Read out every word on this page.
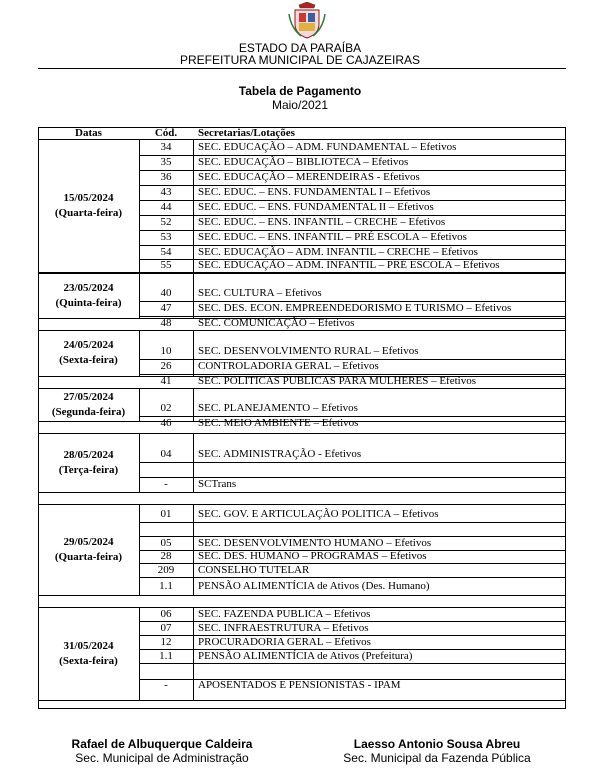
ESTADO DA PARAÍBA
PREFEITURA MUNICIPAL DE CAJAZEIRAS
Tabela de Pagamento
Maio/2021
Datas	Cód.	Secretarias/Lotações
15/05/2024
(Quarta-feira)
34	SEC. EDUCAÇÃO – ADM. FUNDAMENTAL – Efetivos
35	SEC. EDUCAÇÃO – BIBLIOTECA – Efetivos
36	SEC. EDUCAÇÃO – MERENDEIRAS - Efetivos
43	SEC. EDUC. – ENS. FUNDAMENTAL I – Efetivos
44	SEC. EDUC. – ENS. FUNDAMENTAL II – Efetivos
52	SEC. EDUC. – ENS. INFANTIL – CRECHE – Efetivos
53	SEC. EDUC. – ENS. INFANTIL – PRÉ ESCOLA – Efetivos
54	SEC. EDUCAÇÃO – ADM. INFANTIL – CRECHE – Efetivos
55	SEC. EDUCAÇÃO – ADM. INFANTIL – PRÉ ESCOLA – Efetivos
23/05/2024
(Quinta-feira)
40	SEC. CULTURA – Efetivos
47	SEC. DES. ECON. EMPREENDEDORISMO E TURISMO – Efetivos
48	SEC. COMUNICAÇÃO – Efetivos
24/05/2024
(Sexta-feira)
10	SEC. DESENVOLVIMENTO RURAL – Efetivos
26	CONTROLADORIA GERAL – Efetivos
41	SEC. POLITICAS PUBLICAS PARA MULHERES – Efetivos
27/05/2024
(Segunda-feira)	02	SEC. PLANEJAMENTO – Efetivos
46	SEC. MEIO AMBIENTE – Efetivos
28/05/2024
(Terça-feira)
04	SEC. ADMINISTRAÇÃO - Efetivos
-	SCTrans
29/05/2024
(Quarta-feira)
01	SEC. GOV. E ARTICULAÇÃO POLITICA – Efetivos
05	SEC. DESENVOLVIMENTO HUMANO – Efetivos
28	SEC. DES. HUMANO – PROGRAMAS – Efetivos
209	CONSELHO TUTELAR
1.1	PENSÃO ALIMENTÍCIA de Ativos (Des. Humano)
31/05/2024
(Sexta-feira)
06	SEC. FAZENDA PUBLICA – Efetivos
07	SEC. INFRAESTRUTURA – Efetivos
12	PROCURADORIA GERAL – Efetivos
1.1	PENSÃO ALIMENTÍCIA de Ativos (Prefeitura)
-	APOSENTADOS E PENSIONISTAS - IPAM
Rafael de Albuquerque Caldeira
Sec. Municipal de Administração
Laesso Antonio Sousa Abreu
Sec. Municipal da Fazenda Pública
